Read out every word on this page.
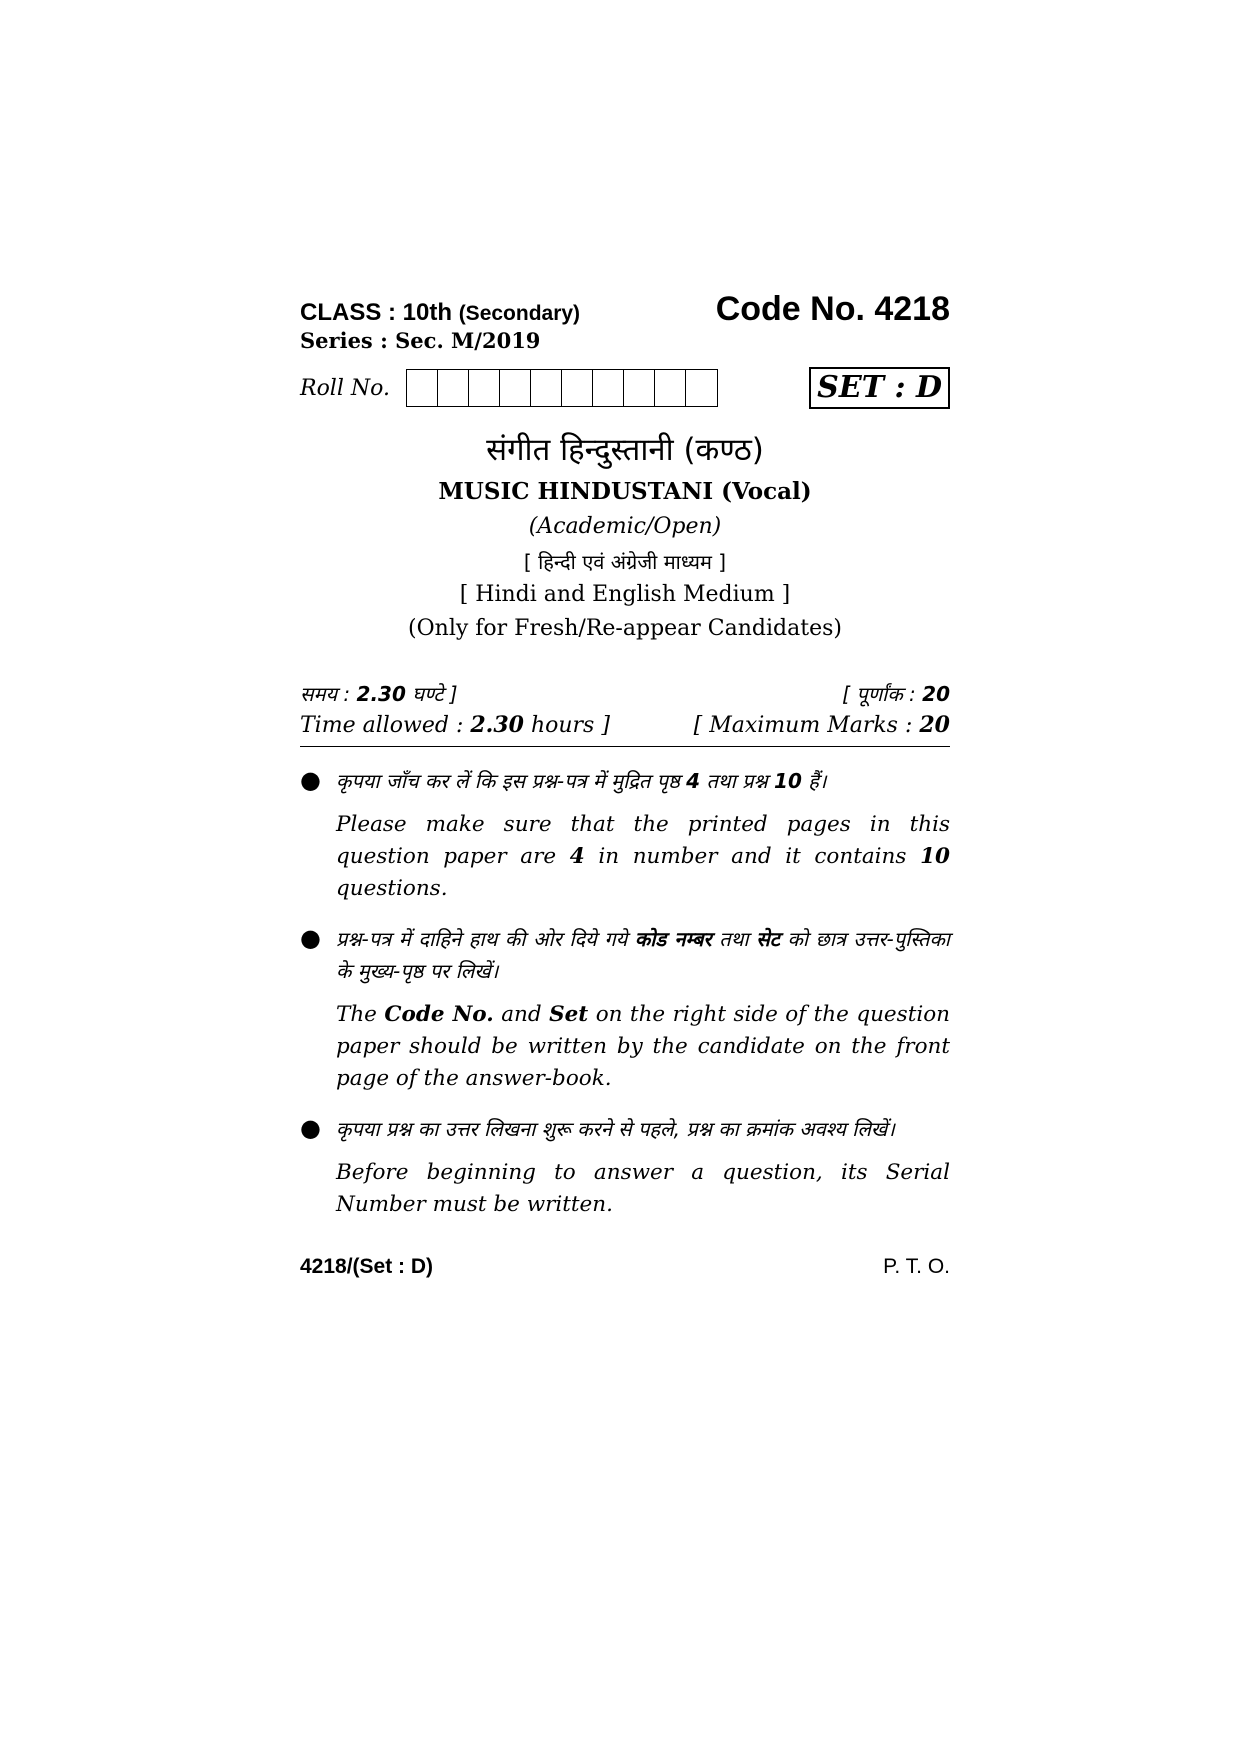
CLASS : 10th (Secondary)	Code No. 4218
Series : Sec. M/2019
Roll No.	SET : D
संगीत हिन्दुस्तानी (कण्ठ)
MUSIC HINDUSTANI (Vocal)
(Academic/Open)
[ हिन्दी एवं अंग्रेजी माध्यम ]
[ Hindi and English Medium ]
(Only for Fresh/Re-appear Candidates)
समय : 2.30 घण्टे ]	[ पूर्णांक : 20
Time allowed : 2.30 hours ]	[ Maximum Marks : 20
● कृपया जाँच कर लें कि इस प्रश्न-पत्र में मुद्रित पृष्ठ 4 तथा प्रश्न 10 हैं।
Please make sure that the printed pages in this question paper are 4 in number and it contains 10 questions.
● प्रश्न-पत्र में दाहिने हाथ की ओर दिये गये कोड नम्बर तथा सेट को छात्र उत्तर-पुस्तिका के मुख्य-पृष्ठ पर लिखें।
The Code No. and Set on the right side of the question paper should be written by the candidate on the front page of the answer-book.
● कृपया प्रश्न का उत्तर लिखना शुरू करने से पहले, प्रश्न का क्रमांक अवश्य लिखें।
Before beginning to answer a question, its Serial Number must be written.
4218/(Set : D)	P. T. O.
